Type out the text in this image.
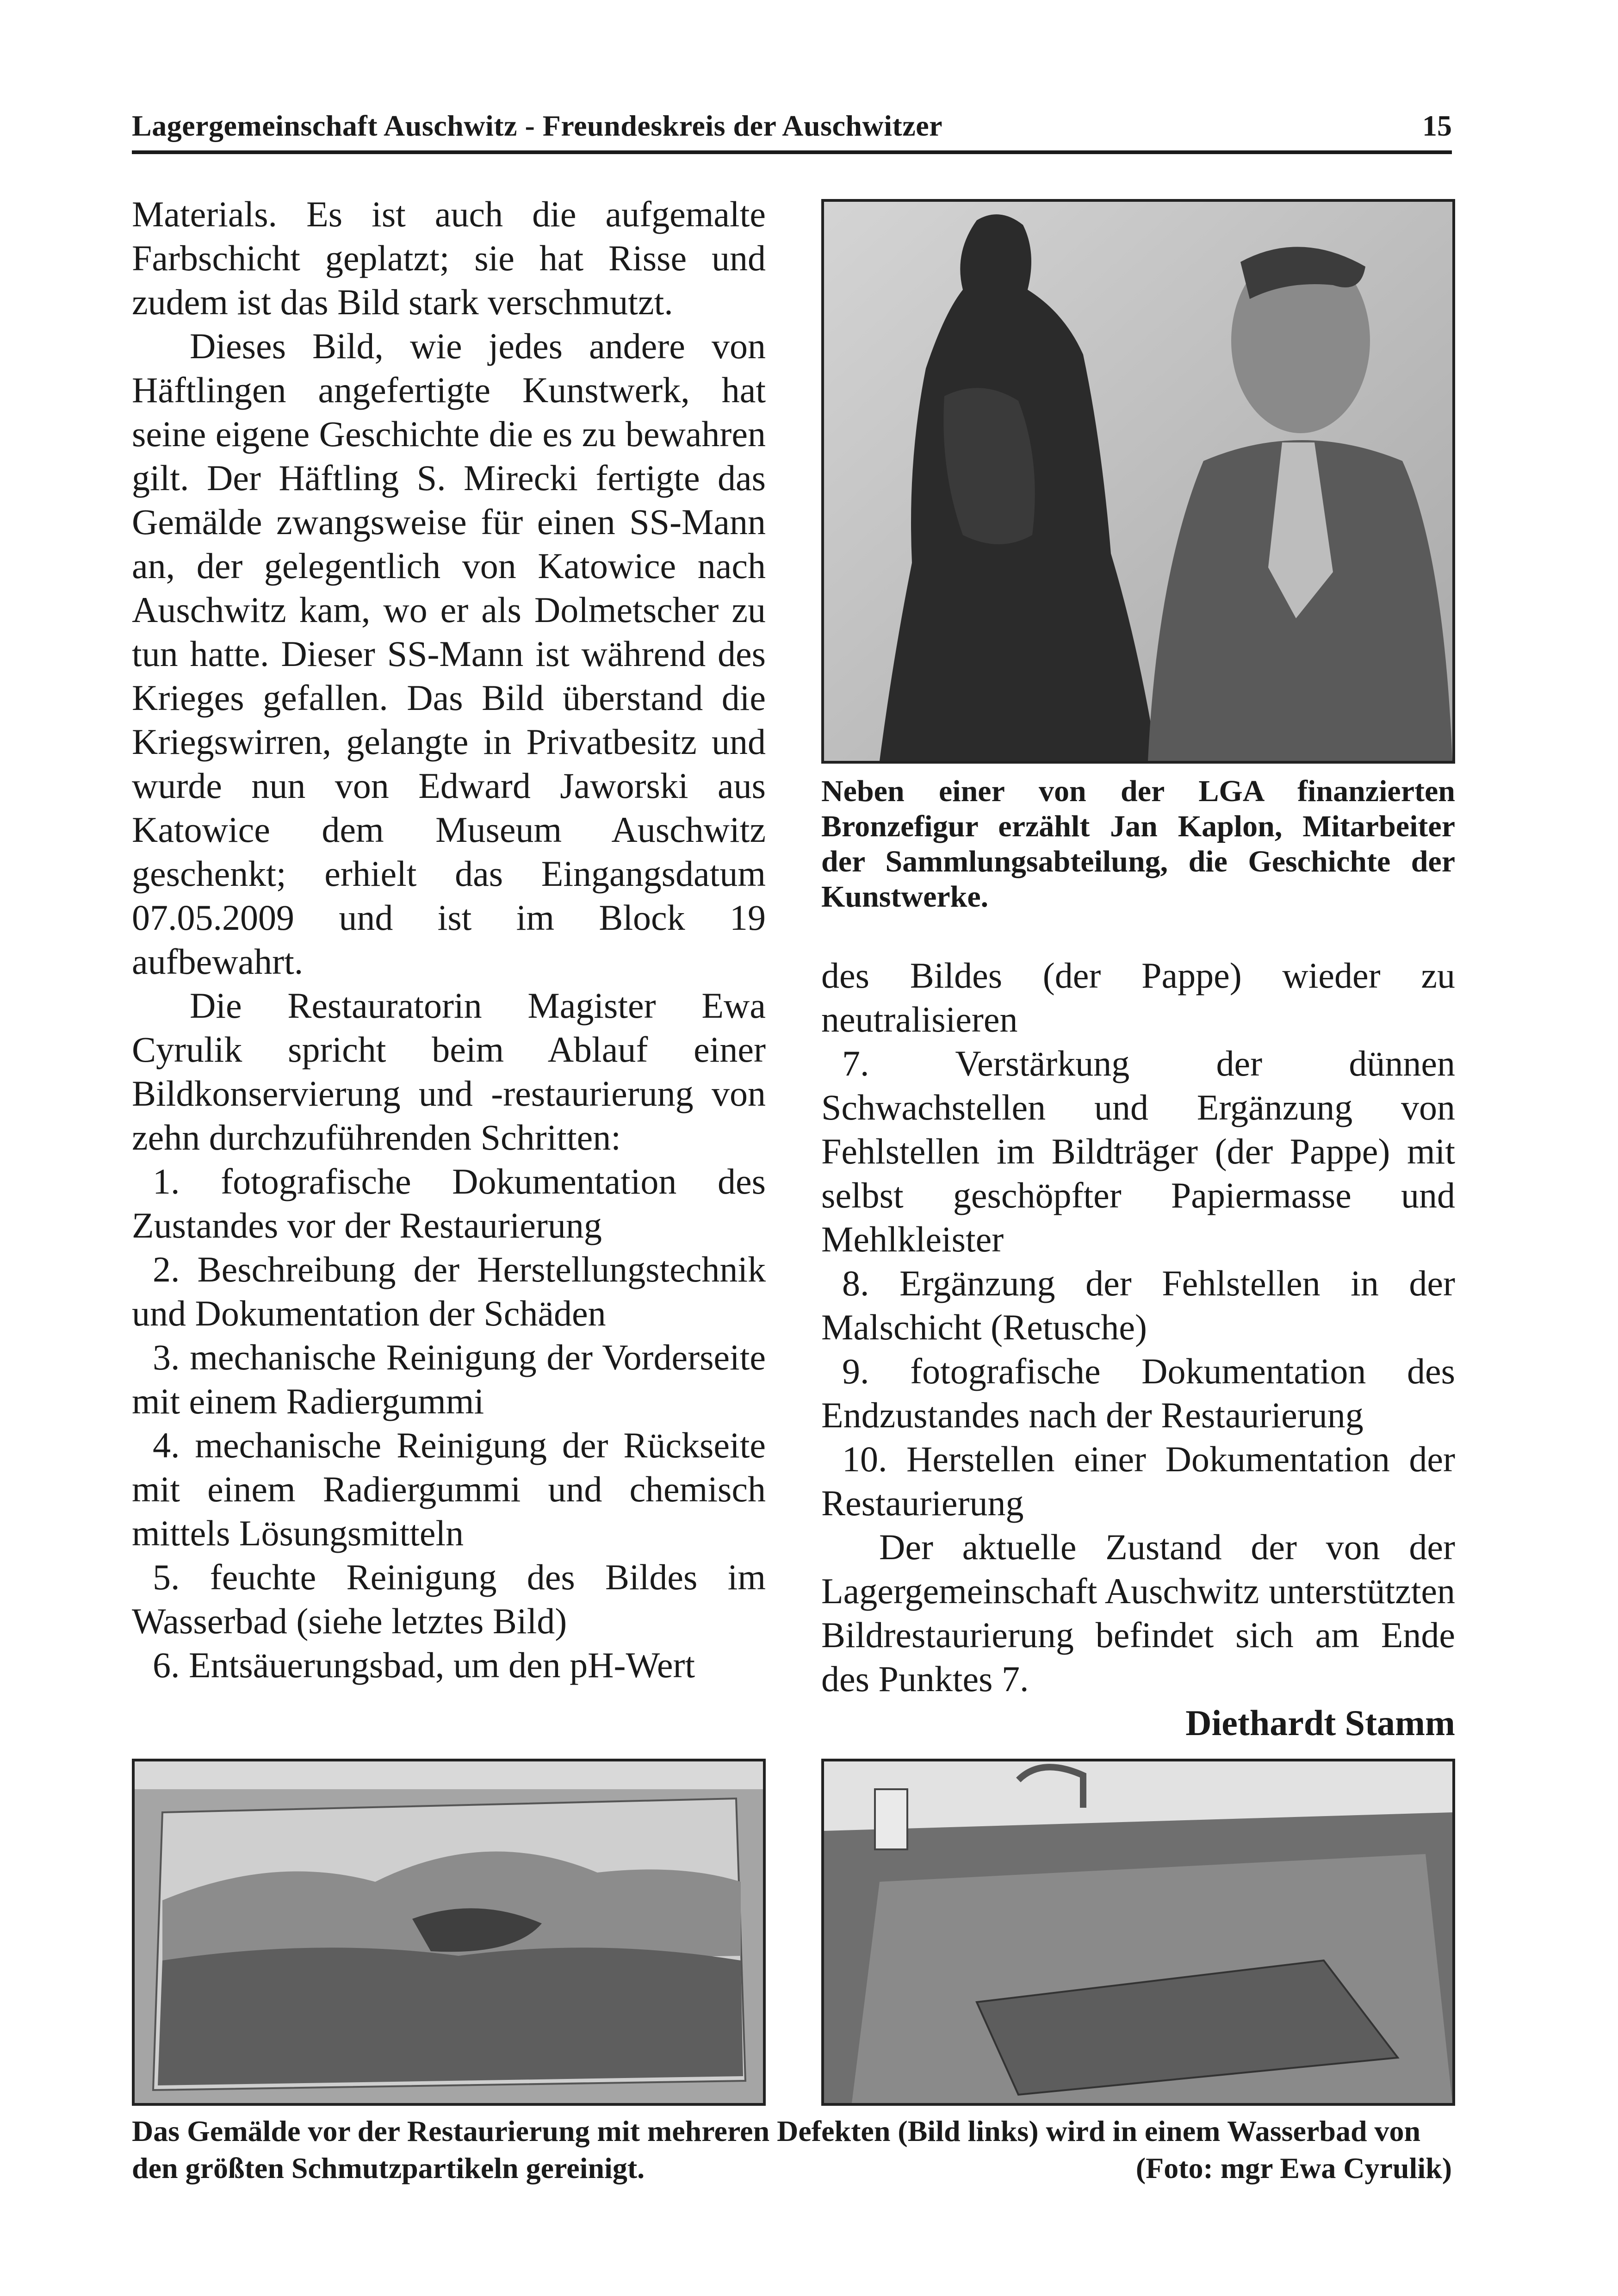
Lagergemeinschaft Auschwitz - Freundeskreis der Auschwitzer	15

Materials. Es ist auch die aufgemalte Farbschicht geplatzt; sie hat Risse und zudem ist das Bild stark verschmutzt.

Dieses Bild, wie jedes andere von Häftlingen angefertigte Kunstwerk, hat seine eigene Geschichte die es zu bewahren gilt. Der Häftling S. Mirecki fertigte das Gemälde zwangsweise für einen SS-Mann an, der gelegentlich von Katowice nach Auschwitz kam, wo er als Dolmetscher zu tun hatte. Dieser SS-Mann ist während des Krieges gefallen. Das Bild überstand die Kriegswirren, gelangte in Privatbesitz und wurde nun von Edward Jaworski aus Katowice dem Museum Auschwitz geschenkt; erhielt das Eingangsdatum 07.05.2009 und ist im Block 19 aufbewahrt.

Die Restauratorin Magister Ewa Cyrulik spricht beim Ablauf einer Bildkonservierung und -restaurierung von zehn durchzuführenden Schritten:

1. fotografische Dokumentation des Zustandes vor der Restaurierung

2. Beschreibung der Herstellungstechnik und Dokumentation der Schäden

3. mechanische Reinigung der Vorderseite mit einem Radiergummi

4. mechanische Reinigung der Rückseite mit einem Radiergummi und chemisch mittels Lösungsmitteln

5. feuchte Reinigung des Bildes im Wasserbad (siehe letztes Bild)

6. Entsäuerungsbad, um den pH-Wert

Neben einer von der LGA finanzierten Bronzefigur erzählt Jan Kaplon, Mitarbeiter der Sammlungsabteilung, die Geschichte der Kunstwerke.

des Bildes (der Pappe) wieder zu neutralisieren

7. Verstärkung der dünnen Schwachstellen und Ergänzung von Fehlstellen im Bildträger (der Pappe) mit selbst geschöpfter Papiermasse und Mehlkleister

8. Ergänzung der Fehlstellen in der Malschicht (Retusche)

9. fotografische Dokumentation des Endzustandes nach der Restaurierung

10. Herstellen einer Dokumentation der Restaurierung

Der aktuelle Zustand der von der Lagergemeinschaft Auschwitz unterstützten Bildrestaurierung befindet sich am Ende des Punktes 7.

Diethardt Stamm

Das Gemälde vor der Restaurierung mit mehreren Defekten (Bild links) wird in einem Wasserbad von den größten Schmutzpartikeln gereinigt.	(Foto: mgr Ewa Cyrulik)
